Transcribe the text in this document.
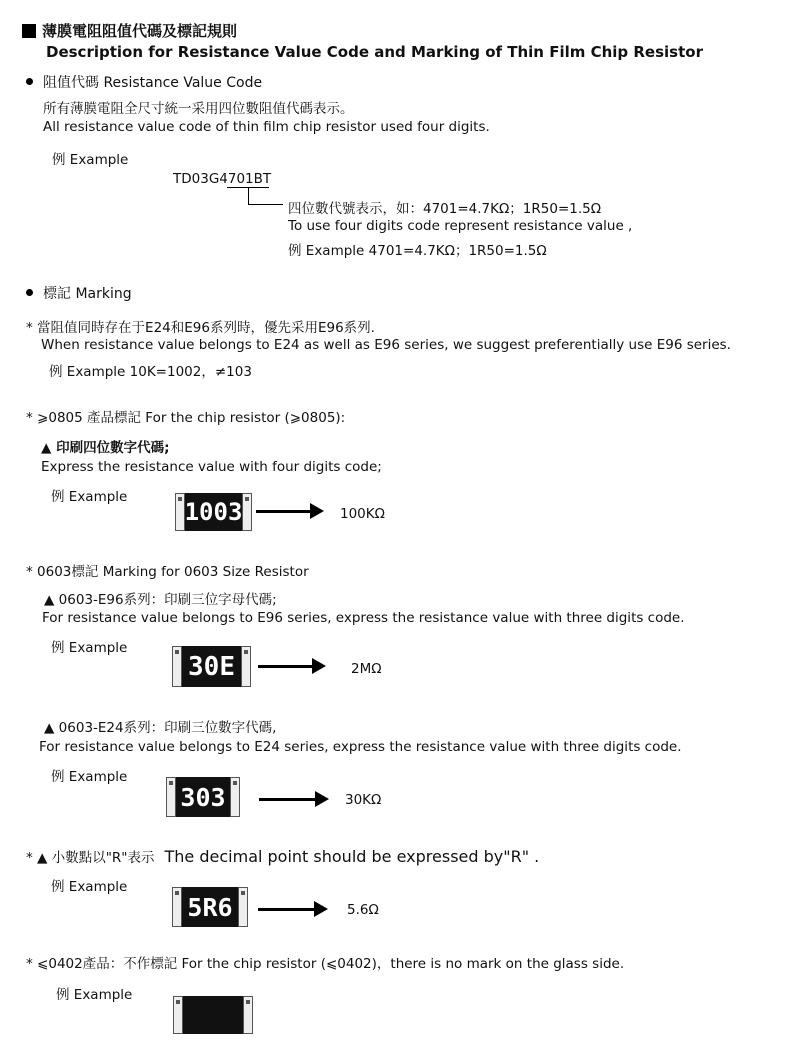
薄膜電阻阻值代碼及標記規則
Description for Resistance Value Code and Marking of Thin Film Chip Resistor
阻值代碼 Resistance Value Code
所有薄膜電阻全尺寸統一采用四位數阻值代碼表示。
All resistance value code of thin film chip resistor used four digits.
例 Example
TD03G4701BT
四位數代號表示，如：4701=4.7KΩ；1R50=1.5Ω
To use four digits code represent resistance value ,
例 Example 4701=4.7KΩ；1R50=1.5Ω
標記 Marking
* 當阻值同時存在于E24和E96系列時，優先采用E96系列.
When resistance value belongs to E24 as well as E96 series, we suggest preferentially use E96 series.
例 Example 10K=1002，≠103
* ⩾0805 產品標記 For the chip resistor (⩾0805):
▲ 印刷四位數字代碼;
Express the resistance value with four digits code;
例 Example
1003	100KΩ
* 0603標記 Marking for 0603 Size Resistor
▲ 0603-E96系列：印刷三位字母代碼;
For resistance value belongs to E96 series, express the resistance value with three digits code.
例 Example
30E	2MΩ
▲ 0603-E24系列：印刷三位數字代碼,
For resistance value belongs to E24 series, express the resistance value with three digits code.
例 Example
303	30KΩ
* ▲ 小數點以"R"表示 The decimal point should be expressed by"R" .
例 Example
5R6	5.6Ω
* ⩽0402產品：不作標記 For the chip resistor (⩽0402)，there is no mark on the glass side.
例 Example
